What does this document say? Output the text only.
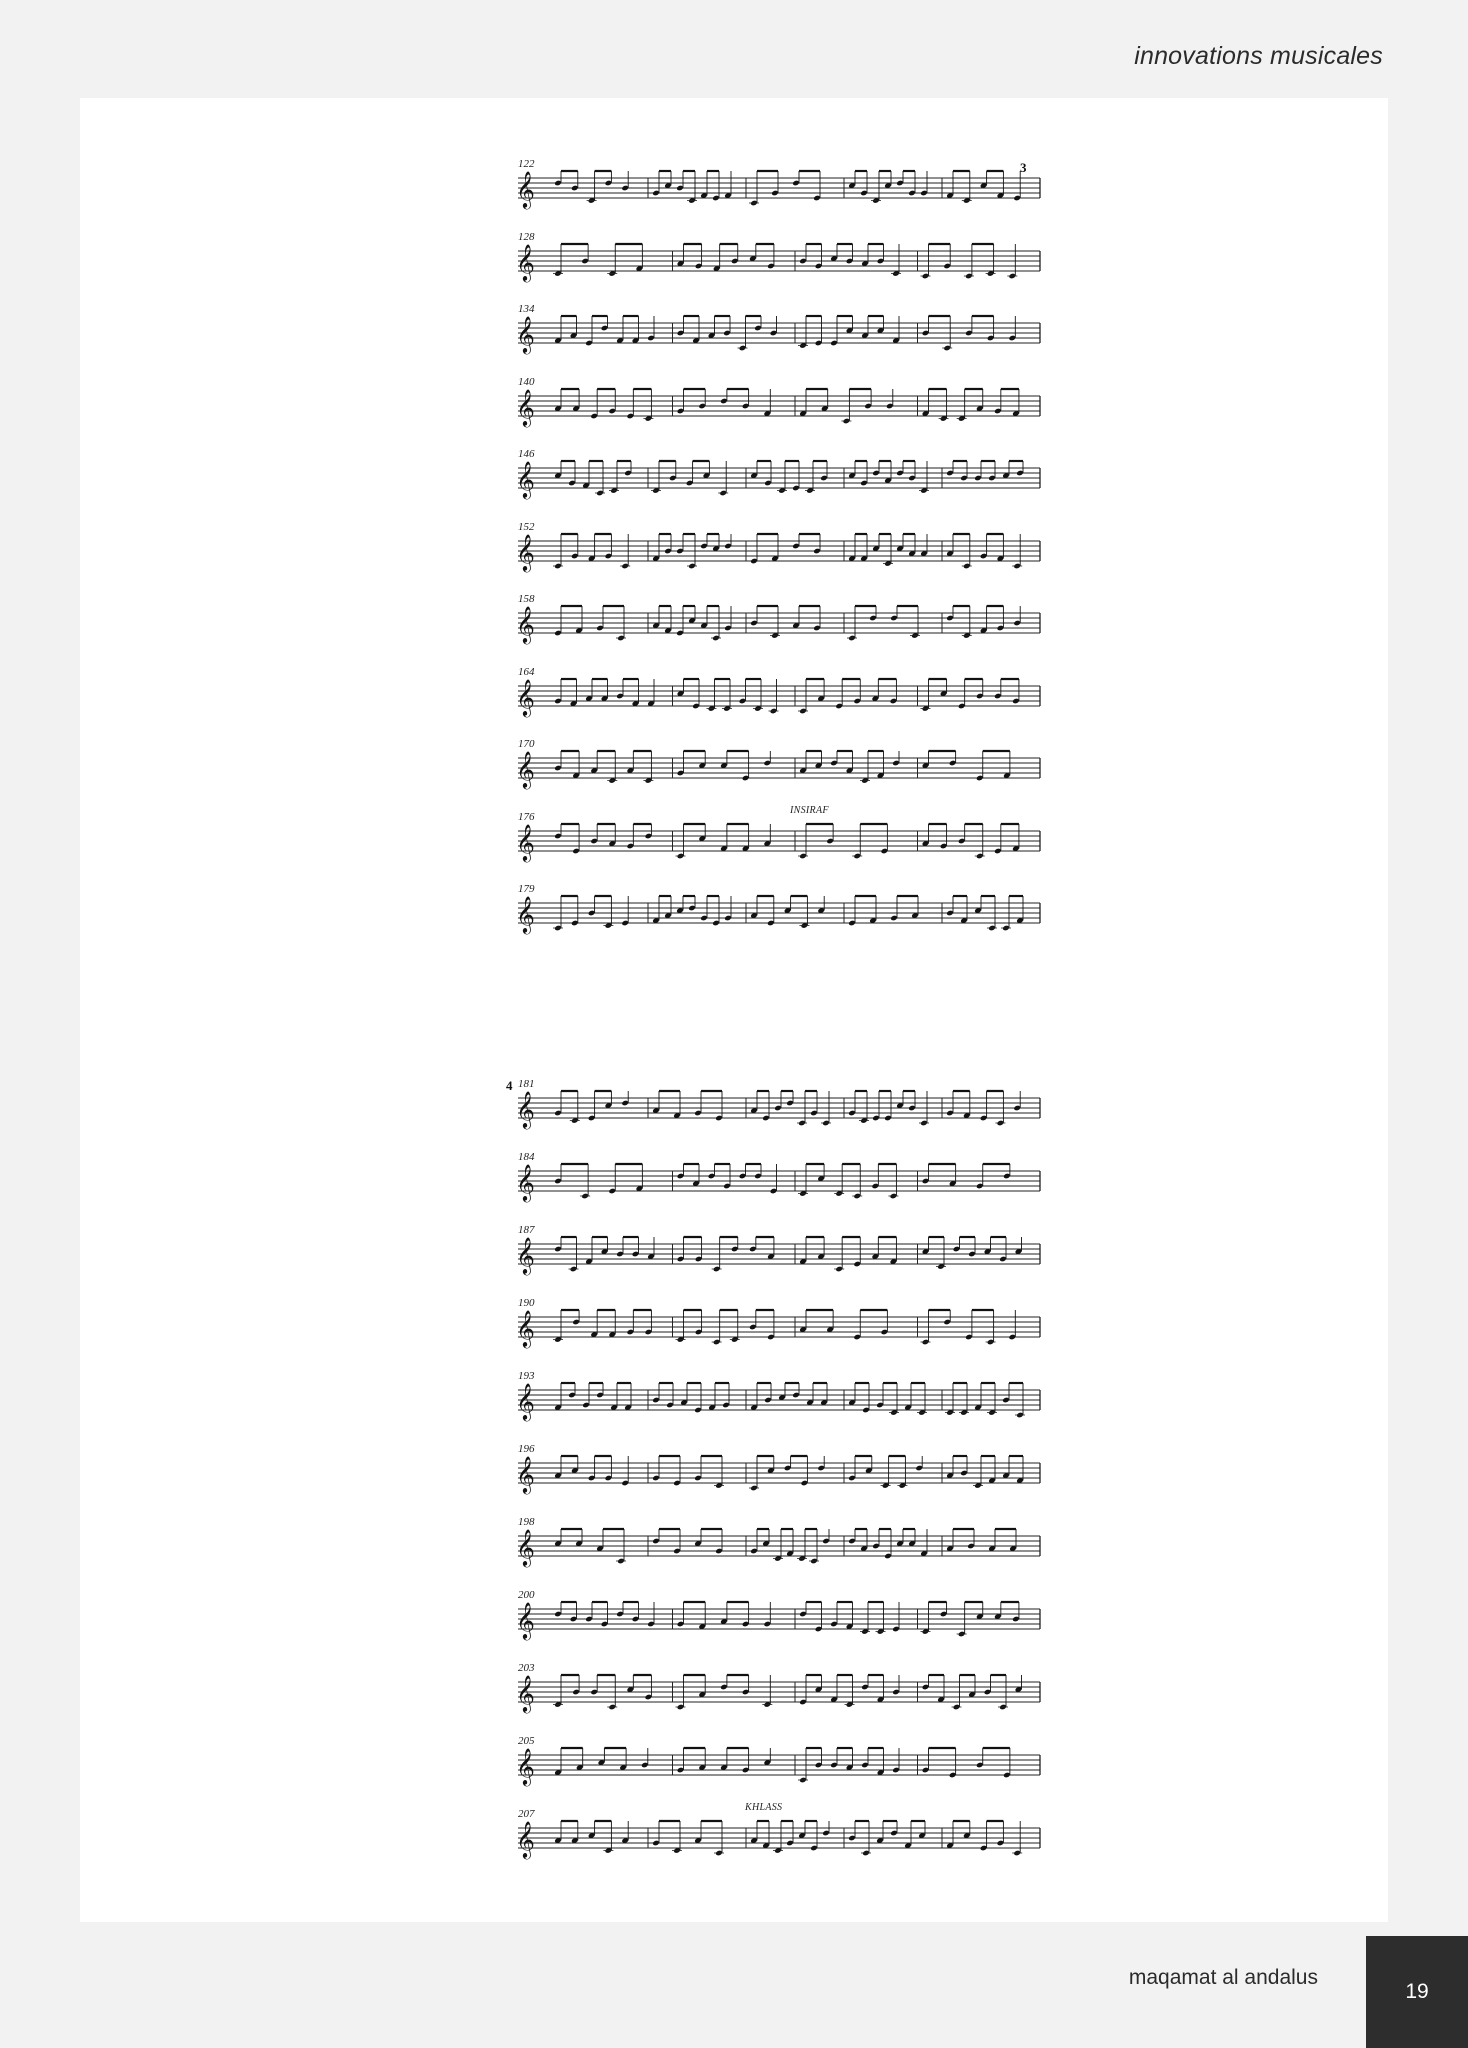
innovations musicales
3
4
122
𝄞
128
𝄞
134
𝄞
140
𝄞
146
𝄞
152
𝄞
158
𝄞
164
𝄞
170
𝄞
176
INSIRAF
𝄞
179
𝄞
181
𝄞
184
𝄞
187
𝄞
190
𝄞
193
𝄞
196
𝄞
198
𝄞
200
𝄞
203
𝄞
205
𝄞
207
KHLASS
𝄞
maqamat al andalus
19
